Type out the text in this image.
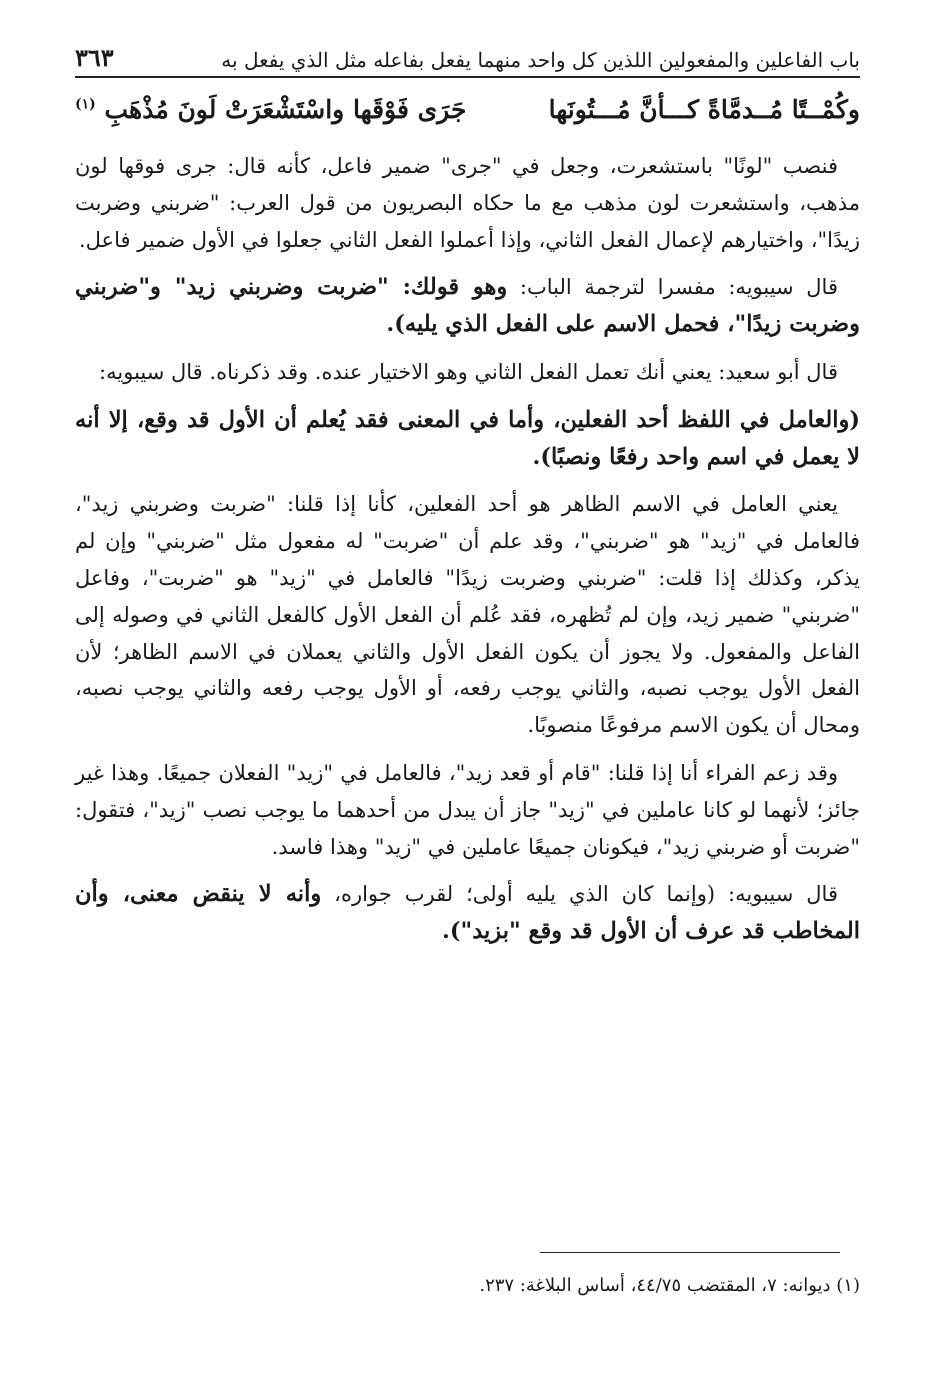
باب الفاعلين والمفعولين اللذين كل واحد منهما يفعل بفاعله مثل الذي يفعل به
٣٦٣
وكُمْــتًا مُــدمَّاةً كـــأنَّ مُـــتُونَها
جَرَى فَوْقَها واسْتَشْعَرَتْ لَونَ مُذْهَبِ $^{(١)}$

فنصب "لونًا" باستشعرت، وجعل في "جرى" ضمير فاعل، كأنه قال: جرى فوقها لون مذهب، واستشعرت لون مذهب مع ما حكاه البصريون من قول العرب: "ضربني وضربت زيدًا"، واختيارهم لإعمال الفعل الثاني، وإذا أعملوا الفعل الثاني جعلوا في الأول ضمير فاعل.

قال سيبويه: مفسرا لترجمة الباب: وهو قولك: "ضربت وضربني زيد" و"ضربني وضربت زيدًا"، فحمل الاسم على الفعل الذي يليه).

قال أبو سعيد: يعني أنك تعمل الفعل الثاني وهو الاختيار عنده. وقد ذكرناه. قال سيبويه:

(والعامل في اللفظ أحد الفعلين، وأما في المعنى فقد يُعلم أن الأول قد وقع، إلا أنه لا يعمل في اسم واحد رفعًا ونصبًا).

يعني العامل في الاسم الظاهر هو أحد الفعلين، كأنا إذا قلنا: "ضربت وضربني زيد"، فالعامل في "زيد" هو "ضربني"، وقد علم أن "ضربت" له مفعول مثل "ضربني" وإن لم يذكر، وكذلك إذا قلت: "ضربني وضربت زيدًا" فالعامل في "زيد" هو "ضربت"، وفاعل "ضربني" ضمير زيد، وإن لم تُظهره، فقد عُلم أن الفعل الأول كالفعل الثاني في وصوله إلى الفاعل والمفعول. ولا يجوز أن يكون الفعل الأول والثاني يعملان في الاسم الظاهر؛ لأن الفعل الأول يوجب نصبه، والثاني يوجب رفعه، أو الأول يوجب رفعه والثاني يوجب نصبه، ومحال أن يكون الاسم مرفوعًا منصوبًا.

وقد زعم الفراء أنا إذا قلنا: "قام أو قعد زيد"، فالعامل في "زيد" الفعلان جميعًا. وهذا غير جائز؛ لأنهما لو كانا عاملين في "زيد" جاز أن يبدل من أحدهما ما يوجب نصب "زيد"، فتقول: "ضربت أو ضربني زيد"، فيكونان جميعًا عاملين في "زيد" وهذا فاسد.

قال سيبويه: (وإنما كان الذي يليه أولى؛ لقرب جواره، وأنه لا ينقض معنى، وأن المخاطب قد عرف أن الأول قد وقع "بزيد").

(١) ديوانه: ٧، المقتضب ٤٤/٧٥، أساس البلاغة: ٢٣٧.
